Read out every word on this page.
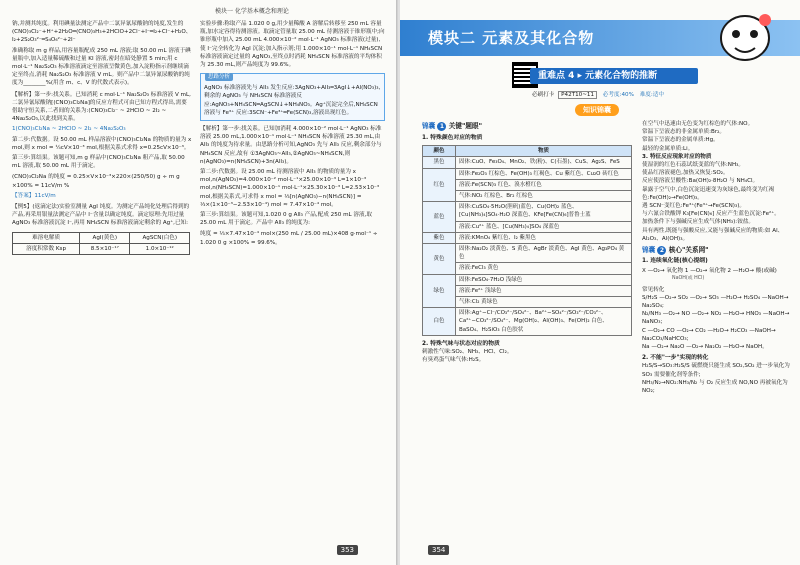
模块一 化学基本概念和理论
钠,并测其纯度。利用碘量法测定产品中二氯异氰尿酸钠的纯度,发生的(CNO)₃Cl₂⁻+H⁺+2H₂O═(CNO)₃H₃+2HClO+2Cl⁻+I⁻═I₂+Cl⁻+H₂O、I₂+2S₂O₃²⁻═S₄O₆²⁻+2I⁻
准确称取 m g 样品,用容量瓶配成 250 mL 溶液;取 50.00 mL 溶液于碘量瓶中,加入适量稀硫酸和过量 KI 溶液,密封在暗处静置 5 min;用 c mol·L⁻¹ Na₂S₂O₃ 标准溶液滴定至溶液呈微黄色,加入淀粉指示剂继续滴定至终点,消耗 Na₂S₂O₃ 标准溶液 V mL。则产品中二氯异氰尿酸钠的纯度为________%(用含 m、c、V 的代数式表示)。
【解析】第一步:找关系。已知消耗 c mol·L⁻¹ Na₂S₂O₃ 标准溶液 V mL,二氯异氰尿酸钠[(CNO)₃Cl₂Na]的反应方程式可由已知方程式得出,需要借助守恒关系,二者间的关系为:(CNO)₃Cl₂⁻ ~ 2HClO ~ 2I₂ ~ 4Na₂S₂O₃,以此找到关系。
1(CNO)₃Cl₂Na ~ 2HClO ~ 2I₂ ~ 4Na₂S₂O₃
第二步:代数据。设 50.00 mL 样品溶液中(CNO)₃Cl₂Na 的物质的量为 x mol,则 x mol = ¼cV×10⁻³ mol,根据关系式求得 x=0.25cV×10⁻³。
第三步:算结果。该题可知,m g 样品中(CNO)₃Cl₂Na 粗产品,取 50.00 mL 溶液,取 50.00 mL 用于滴定。
(CNO)₃Cl₂Na 的纯度 = 0.25×V×10⁻³×220×(250/50) g ÷ m g ×100% = 11cV/m %
【答案】11cV/m
【例5】(返滴定法)实验室测量 AgI 纯度。为测定产品纯化处理后得到的产品,再采用银量法测定产品中 I⁻含量以确定纯度。滴定原理:先用过量 AgNO₃ 标准溶液沉淀 I⁻,再用 NH₄SCN 标准溶液滴定剩余的 Ag⁺,已知:
难溶电解质	AgI(黄色)	AgSCN(白色)
溶度积常数 Ksp	8.5×10⁻¹⁷	1.0×10⁻¹²
实验步骤:称取产品 1.020 0 g,用少量稀酸 A 溶解后转移至 250 mL 容量瓶,加水定容得待测溶液。取滴定管量取 25.00 mL 待测溶液于锥形瓶中;向锥形瓶中加入 25.00 mL 4.000×10⁻² mol·L⁻¹ AgNO₃ 标准溶液(过量),使 I⁻完全转化为 AgI 沉淀;加入指示剂;用 1.000×10⁻¹ mol·L⁻¹ NH₄SCN 标准溶液滴定过量的 AgNO₃,至终点时消耗 NH₄SCN 标准溶液的平均体积为 25.30 mL,则产品纯度为 99.6%。
思路分析
AgNO₃ 标准溶液先与 AlI₃ 发生反应:3AgNO₃+AlI₃═3AgI↓+Al(NO₃)₃,剩余的 AgNO₃ 与 NH₄SCN 标准溶液反应:AgNO₃+NH₄SCN═AgSCN↓+NH₄NO₃。Ag⁺沉淀完全后,NH₄SCN 溶液与 Fe³⁺ 反应:3SCN⁻+Fe³⁺═Fe(SCN)₃,溶液出现红色。
【解析】第一步:找关系。已知加消耗 4.000×10⁻² mol·L⁻¹ AgNO₃ 标准溶液 25.00 mL,1.000×10⁻¹ mol·L⁻¹ NH₄SCN 标准溶液 25.30 mL,由 AlI₃ 的纯度为待求量。由思路分析可知,AgNO₃ 先与 AlI₃ 反应,剩余部分与 NH₄SCN 反应,故有 ①3AgNO₃~AlI₃,②AgNO₃~NH₄SCN,则 n(AgNO₃)=n(NH₄SCN)+3n(AlI₃)。
第二步:代数据。设 25.00 mL 待测溶液中 AlI₃ 的物质的量为 x mol,n(AgNO₃)=4.000×10⁻² mol·L⁻¹×25.00×10⁻³ L=1×10⁻³ mol,n(NH₄SCN)=1.000×10⁻¹ mol·L⁻¹×25.30×10⁻³ L=2.53×10⁻³ mol,根据关系式,可求得 x mol = ⅓[n(AgNO₃)−n(NH₄SCN)] = ⅓×(1×10⁻³−2.53×10⁻⁴) mol ≈ 7.47×10⁻⁴ mol。
第三步:算结果。该题可知,1.020 0 g AlI₃ 产品,配成 250 mL 溶液,取 25.00 mL 用于滴定。产品中 AlI₃ 的纯度为:
纯度 = ⅓×7.47×10⁻⁴ mol×(250 mL / 25.00 mL)×408 g·mol⁻¹ ÷ 1.020 0 g ×100% = 99.6%。
353
模块二 元素及其化合物
重难点 4 ▸ 元素化合物的推断
必刷打卡 P42T10~11 必考度:40% 难度:适中
知识锦囊
锦囊 1 关键"题眼"
1. 特殊颜色对应的物质
颜色	物质
黑色	固体:CuO、Fe₃O₄、MnO₂、铁(粉)、C(石墨)、CuS、Ag₂S、FeS
红色	固体:Fe₂O₃ 红棕色、Fe(OH)₃ 红褐色、Cu 紫红色、Cu₂O 砖红色
	溶液:Fe(SCN)₃ 红色、溴水橙红色
	气体:NO₂ 红棕色、Br₂ 红棕色
蓝色	固体:CuSO₄·5H₂O(胆矾)蓝色、Cu(OH)₂ 蓝色、[Cu(NH₃)₄]SO₄·H₂O 深蓝色、KFe[Fe(CN)₆]普鲁士蓝
	溶液:Cu²⁺ 蓝色、[Cu(NH₃)₄]SO₄ 深蓝色
紫色	溶液:KMnO₄ 紫红色、I₂ 紫黑色
黄色	固体:Na₂O₂ 淡黄色、S 黄色、AgBr 淡黄色、AgI 黄色、Ag₃PO₄ 黄色
	溶液:FeCl₃ 黄色
绿色	固体:FeSO₄·7H₂O 浅绿色
	溶液:Fe²⁺ 浅绿色
	气体:Cl₂ 黄绿色
白色	固体:Ag⁺−Cl⁻/CO₃²⁻/SO₄²⁻、Ba²⁺−SO₄²⁻/SO₃²⁻/CO₃²⁻、Ca²⁺−CO₃²⁻/SO₄²⁻、Mg(OH)₂、Al(OH)₃、Fe(OH)₂ 白色、BaSO₄、H₂SiO₃ 白色胶状
2. 特殊气味与状态对应的物质
刺激性气味:SO₂、NH₃、HCl、Cl₂。
有臭鸡蛋气味气体:H₂S。
在空气中迅速由无色变为红棕色的气体:NO。
常温下呈液态的非金属单质:Br₂。
常温下呈液态的金属单质:Hg。
最轻的金属单质:Li。
3. 特征反应现象对应的物质
使湿润的红色石蕊试纸变蓝的气体:NH₃。
使品红溶液褪色,加热又恢复:SO₂。
反应使溶液呈酸性:Ba(OH)₂·8H₂O 与 NH₄Cl。
暴露于空气中,白色沉淀迅速变为灰绿色,最终变为红褐色:Fe(OH)₂→Fe(OH)₃。
遇 SCN⁻变红色:Fe³⁺(Fe³⁺→Fe(SCN)₃)。
与六氰合铁酸钾 K₃[Fe(CN)₆] 反应产生蓝色沉淀:Fe²⁺。
加热条件下与强碱反应生成气体(NH₃):铵盐。
具有两性,既能与强酸反应,又能与强碱反应的物质:如 Al、Al₂O₃、Al(OH)₃。
锦囊 2 核心"关系网"
1. 连续氧化链(核心提纲)
X —O₂→ 氧化物 1 —O₂→ 氧化物 2 —H₂O→ 酸(或碱)
NaOH(或 HCl)
常见转化
S/H₂S —O₂→ SO₂ —O₂→ SO₃ —H₂O→ H₂SO₄ —NaOH→ Na₂SO₄;
N₂/NH₃ —O₂→ NO —O₂→ NO₂ —H₂O→ HNO₃ —NaOH→ NaNO₃;
C —O₂→ CO —O₂→ CO₂ —H₂O→ H₂CO₃ —NaOH→ Na₂CO₃/NaHCO₃;
Na —O₂→ Na₂O —O₂→ Na₂O₂ —H₂O→ NaOH。
2. 不能"一步"实现的转化
H₂S/S→SO₃:H₂S/S 硫燃烧只能生成 SO₂,SO₂ 进一步氧化为 SO₃ 需要催化剂等条件;
NH₃/N₂→NO₂:NH₃/N₂ 与 O₂ 反应生成 NO,NO 再被氧化为 NO₂;
354
